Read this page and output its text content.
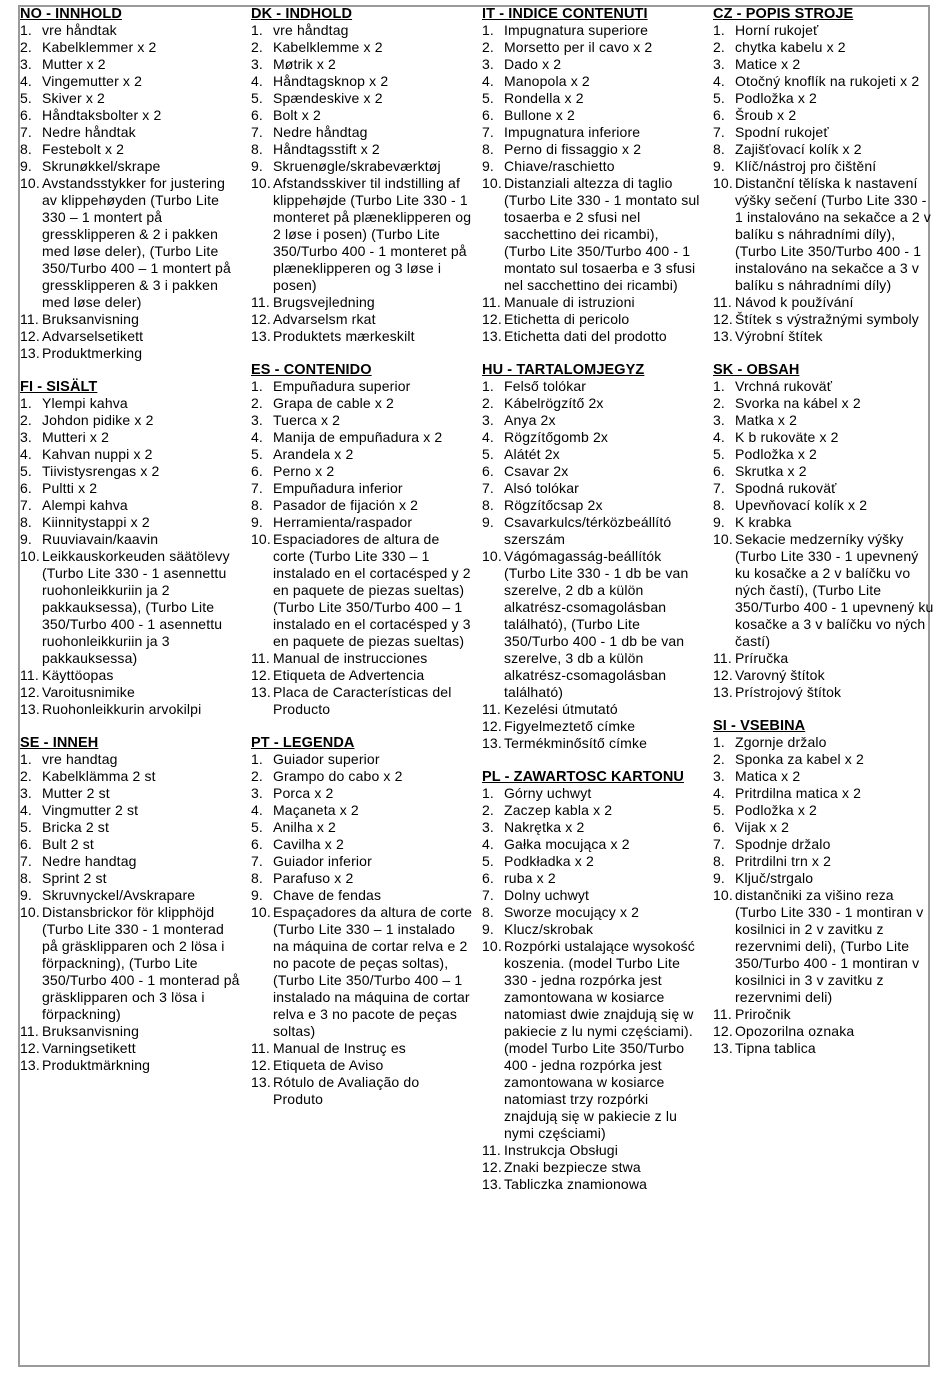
NO - INNHOLD
1. vre håndtak
2. Kabelklemmer x 2
3. Mutter x 2
4. Vingemutter x 2
5. Skiver x 2
6. Håndtaksbolter x 2
7. Nedre håndtak
8. Festebolt x 2
9. Skrunøkkel/skrape
10. Avstandsstykker for justering av klippehøyden (Turbo Lite 330 – 1 montert på gressklipperen & 2 i pakken med løse deler), (Turbo Lite 350/Turbo 400 – 1 montert på gressklipperen & 3 i pakken med løse deler)
11. Bruksanvisning
12. Advarselsetikett
13. Produktmerking
FI - SISÄLT
1. Ylempi kahva
2. Johdon pidike x 2
3. Mutteri x 2
4. Kahvan nuppi x 2
5. Tiivistysrengas x 2
6. Pultti x 2
7. Alempi kahva
8. Kiinnitystappi x 2
9. Ruuviavain/kaavin
10. Leikkauskorkeuden säätölevy (Turbo Lite 330 - 1 asennettu ruohonleikkuriin ja 2 pakkauksessa), (Turbo Lite 350/Turbo 400 - 1 asennettu ruohonleikkuriin ja 3 pakkauksessa)
11. Käyttöopas
12. Varoitusnimike
13. Ruohonleikkurin arvokilpi
SE - INNEH
1. vre handtag
2. Kabelklämma 2 st
3. Mutter 2 st
4. Vingmutter 2 st
5. Bricka 2 st
6. Bult 2 st
7. Nedre handtag
8. Sprint 2 st
9. Skruvnyckel/Avskrapare
10. Distansbrickor för klipphöjd (Turbo Lite 330 - 1 monterad på gräsklipparen och 2 lösa i förpackning), (Turbo Lite 350/Turbo 400 - 1 monterad på gräsklipparen och 3 lösa i förpackning)
11. Bruksanvisning
12. Varningsetikett
13. Produktmärkning
DK - INDHOLD
1. vre håndtag
2. Kabelklemme x 2
3. Møtrik x 2
4. Håndtagsknop x 2
5. Spændeskive x 2
6. Bolt x 2
7. Nedre håndtag
8. Håndtagsstift x 2
9. Skruenøgle/skrabeværktøj
10. Afstandsskiver til indstilling af klippehøjde (Turbo Lite 330 - 1 monteret på plæneklipperen og 2 løse i posen) (Turbo Lite 350/Turbo 400 - 1 monteret på plæneklipperen og 3 løse i posen)
11. Brugsvejledning
12. Advarselsm rkat
13. Produktets mærkeskilt
ES - CONTENIDO
1. Empuñadura superior
2. Grapa de cable x 2
3. Tuerca x 2
4. Manija de empuñadura x 2
5. Arandela x 2
6. Perno x 2
7. Empuñadura inferior
8. Pasador de fijación x 2
9. Herramienta/raspador
10. Espaciadores de altura de corte (Turbo Lite 330 – 1 instalado en el cortacésped y 2 en paquete de piezas sueltas) (Turbo Lite 350/Turbo 400 – 1 instalado en el cortacésped y 3 en paquete de piezas sueltas)
11. Manual de instrucciones
12. Etiqueta de Advertencia
13. Placa de Características del Producto
PT - LEGENDA
1. Guiador superior
2. Grampo do cabo x 2
3. Porca x 2
4. Maçaneta x 2
5. Anilha x 2
6. Cavilha x 2
7. Guiador inferior
8. Parafuso x 2
9. Chave de fendas
10. Espaçadores da altura de corte (Turbo Lite 330 – 1 instalado na máquina de cortar relva e 2 no pacote de peças soltas), (Turbo Lite 350/Turbo 400 – 1 instalado na máquina de cortar relva e 3 no pacote de peças soltas)
11. Manual de Instruç es
12. Etiqueta de Aviso
13. Rótulo de Avaliação do Produto
IT - INDICE CONTENUTI
1. Impugnatura superiore
2. Morsetto per il cavo x 2
3. Dado x 2
4. Manopola x 2
5. Rondella x 2
6. Bullone x 2
7. Impugnatura inferiore
8. Perno di fissaggio x 2
9. Chiave/raschietto
10. Distanziali altezza di taglio (Turbo Lite 330 - 1 montato sul tosaerba e 2 sfusi nel sacchettino dei ricambi), (Turbo Lite 350/Turbo 400 - 1 montato sul tosaerba e 3 sfusi nel sacchettino dei ricambi)
11. Manuale di istruzioni
12. Etichetta di pericolo
13. Etichetta dati del prodotto
HU - TARTALOMJEGYZ
1. Felső tolókar
2. Kábelrögzítő 2x
3. Anya 2x
4. Rögzítőgomb 2x
5. Alátét 2x
6. Csavar 2x
7. Alsó tolókar
8. Rögzítőcsap 2x
9. Csavarkulcs/térközbeállító szerszám
10. Vágómagasság-beállítók (Turbo Lite 330 - 1 db be van szerelve, 2 db a külön alkatrész-csomagolásban található), (Turbo Lite 350/Turbo 400 - 1 db be van szerelve, 3 db a külön alkatrész-csomagolásban található)
11. Kezelési útmutató
12. Figyelmeztető címke
13. Termékminősítő címke
PL - ZAWARTOSC KARTONU
1. Górny uchwyt
2. Zaczep kabla x 2
3. Nakrętka x 2
4. Gałka mocująca x 2
5. Podkładka x 2
6. ruba x 2
7. Dolny uchwyt
8. Sworze mocujący x 2
9. Klucz/skrobak
10. Rozpórki ustalające wysokość koszenia. (model Turbo Lite 330 - jedna rozpórka jest zamontowana w kosiarce natomiast dwie znajdują się w pakiecie z lu nymi częściami). (model Turbo Lite 350/Turbo 400 - jedna rozpórka jest zamontowana w kosiarce natomiast trzy rozpórki znajdują się w pakiecie z lu nymi częściami)
11. Instrukcja Obsługi
12. Znaki bezpiecze stwa
13. Tabliczka znamionowa
CZ - POPIS STROJE
1. Horní rukojeť
2. chytka kabelu x 2
3. Matice x 2
4. Otočný knoflík na rukojeti x 2
5. Podložka x 2
6. Šroub x 2
7. Spodní rukojeť
8. Zajišťovací kolík x 2
9. Klíč/nástroj pro čištění
10. Distanční tělíska k nastavení výšky sečení (Turbo Lite 330 - 1 instalováno na sekačce a 2 v balíku s náhradními díly), (Turbo Lite 350/Turbo 400 - 1 instalováno na sekačce a 3 v balíku s náhradními díly)
11. Návod k používání
12. Štítek s výstražnými symboly
13. Výrobní štítek
SK - OBSAH
1. Vrchná rukoväť
2. Svorka na kábel x 2
3. Matka x 2
4. K b rukoväte x 2
5. Podložka x 2
6. Skrutka x 2
7. Spodná rukoväť
8. Upevňovací kolík x 2
9. K krabka
10. Sekacie medzerníky výšky (Turbo Lite 330 - 1 upevnený ku kosačke a 2 v balíčku vo ných častí), (Turbo Lite 350/Turbo 400 - 1 upevnený ku kosačke a 3 v balíčku vo ných častí)
11. Príručka
12. Varovný štítok
13. Prístrojový štítok
SI - VSEBINA
1. Zgornje držalo
2. Sponka za kabel x 2
3. Matica x 2
4. Pritrdilna matica x 2
5. Podložka x 2
6. Vijak x 2
7. Spodnje držalo
8. Pritrdilni trn x 2
9. Ključ/strgalo
10. distančniki za višino reza (Turbo Lite 330 - 1 montiran v kosilnici in 2 v zavitku z rezervnimi deli), (Turbo Lite 350/Turbo 400 - 1 montiran v kosilnici in 3 v zavitku z rezervnimi deli)
11. Priročnik
12. Opozorilna oznaka
13. Tipna tablica
